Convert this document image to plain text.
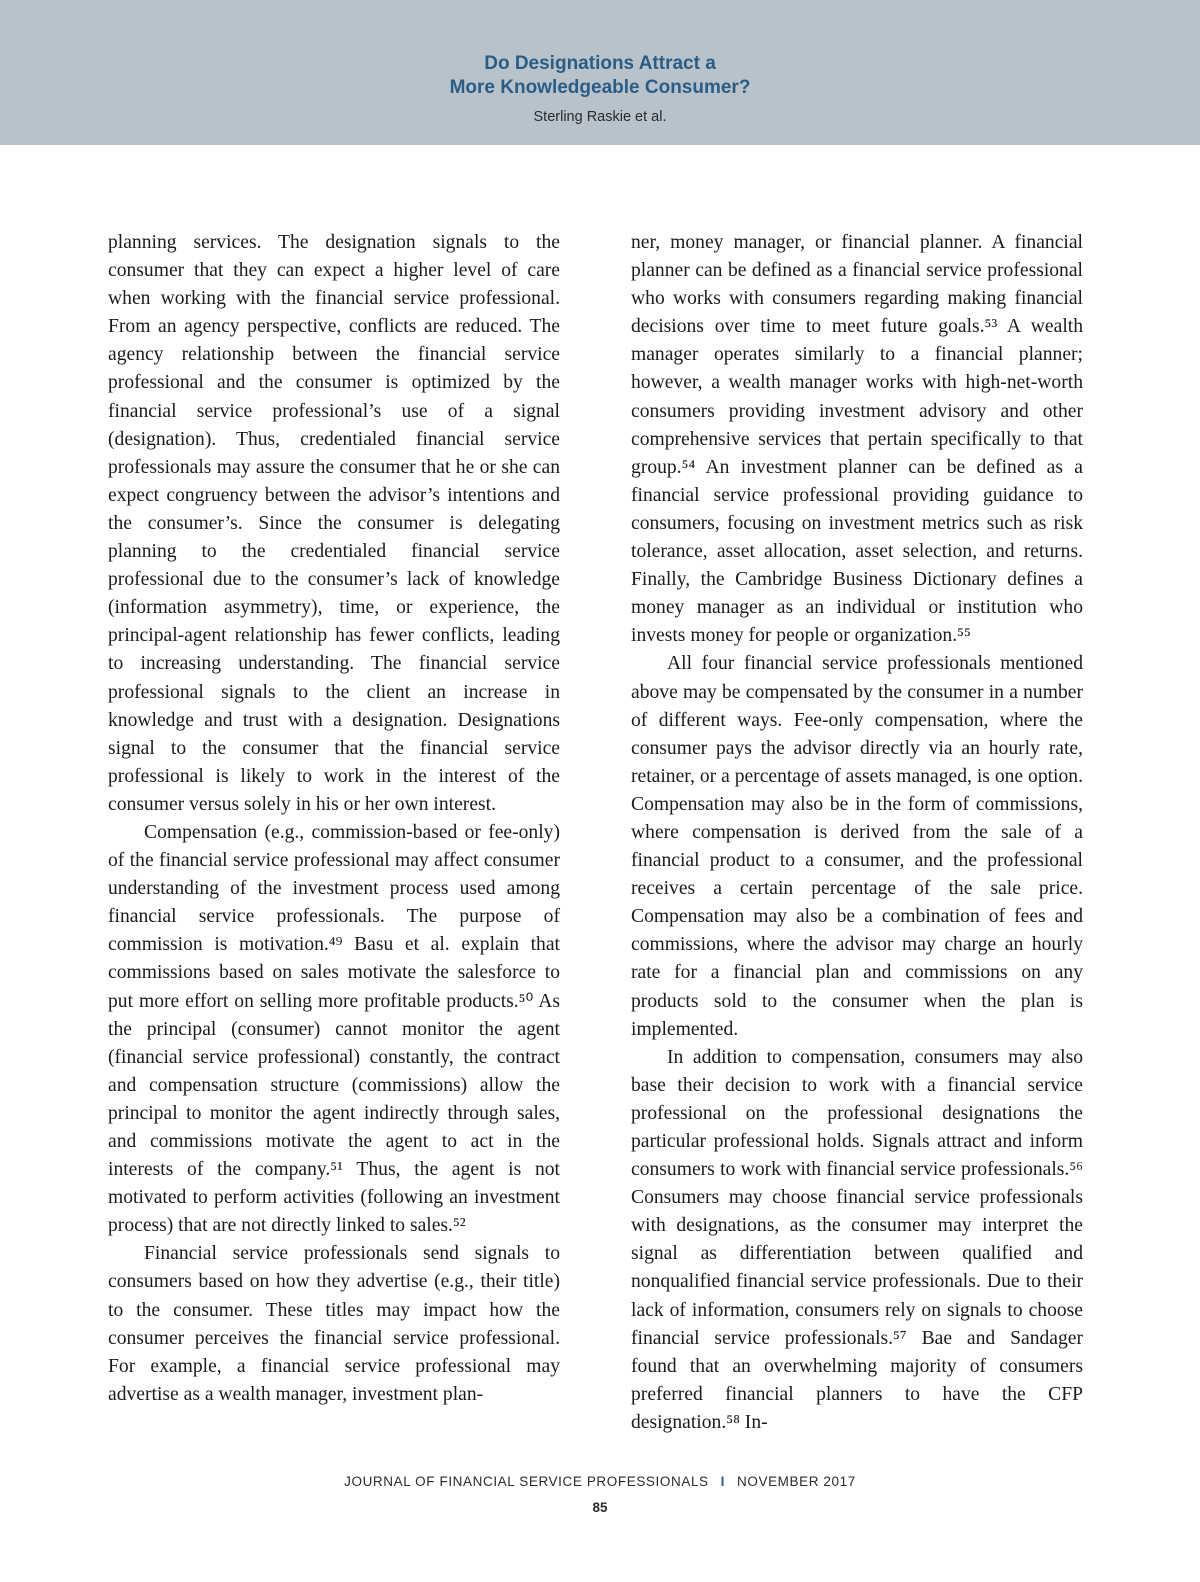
Do Designations Attract a
More Knowledgeable Consumer?
Sterling Raskie et al.

planning services. The designation signals to the consumer that they can expect a higher level of care when working with the financial service professional. From an agency perspective, conflicts are reduced. The agency relationship between the financial service professional and the consumer is optimized by the financial service professional’s use of a signal (designation). Thus, credentialed financial service professionals may assure the consumer that he or she can expect congruency between the advisor’s intentions and the consumer’s. Since the consumer is delegating planning to the credentialed financial service professional due to the consumer’s lack of knowledge (information asymmetry), time, or experience, the principal-agent relationship has fewer conflicts, leading to increasing understanding. The financial service professional signals to the client an increase in knowledge and trust with a designation. Designations signal to the consumer that the financial service professional is likely to work in the interest of the consumer versus solely in his or her own interest.

Compensation (e.g., commission-based or fee-only) of the financial service professional may affect consumer understanding of the investment process used among financial service professionals. The purpose of commission is motivation.⁴⁹ Basu et al. explain that commissions based on sales motivate the salesforce to put more effort on selling more profitable products.⁵⁰ As the principal (consumer) cannot monitor the agent (financial service professional) constantly, the contract and compensation structure (commissions) allow the principal to monitor the agent indirectly through sales, and commissions motivate the agent to act in the interests of the company.⁵¹ Thus, the agent is not motivated to perform activities (following an investment process) that are not directly linked to sales.⁵²

Financial service professionals send signals to consumers based on how they advertise (e.g., their title) to the consumer. These titles may impact how the consumer perceives the financial service professional. For example, a financial service professional may advertise as a wealth manager, investment plan-

ner, money manager, or financial planner. A financial planner can be defined as a financial service professional who works with consumers regarding making financial decisions over time to meet future goals.⁵³ A wealth manager operates similarly to a financial planner; however, a wealth manager works with high-net-worth consumers providing investment advisory and other comprehensive services that pertain specifically to that group.⁵⁴ An investment planner can be defined as a financial service professional providing guidance to consumers, focusing on investment metrics such as risk tolerance, asset allocation, asset selection, and returns. Finally, the Cambridge Business Dictionary defines a money manager as an individual or institution who invests money for people or organization.⁵⁵

All four financial service professionals mentioned above may be compensated by the consumer in a number of different ways. Fee-only compensation, where the consumer pays the advisor directly via an hourly rate, retainer, or a percentage of assets managed, is one option. Compensation may also be in the form of commissions, where compensation is derived from the sale of a financial product to a consumer, and the professional receives a certain percentage of the sale price. Compensation may also be a combination of fees and commissions, where the advisor may charge an hourly rate for a financial plan and commissions on any products sold to the consumer when the plan is implemented.

In addition to compensation, consumers may also base their decision to work with a financial service professional on the professional designations the particular professional holds. Signals attract and inform consumers to work with financial service professionals.⁵⁶ Consumers may choose financial service professionals with designations, as the consumer may interpret the signal as differentiation between qualified and nonqualified financial service professionals. Due to their lack of information, consumers rely on signals to choose financial service professionals.⁵⁷ Bae and Sandager found that an overwhelming majority of consumers preferred financial planners to have the CFP designation.⁵⁸ In-

JOURNAL OF FINANCIAL SERVICE PROFESSIONALS I NOVEMBER 2017
85
